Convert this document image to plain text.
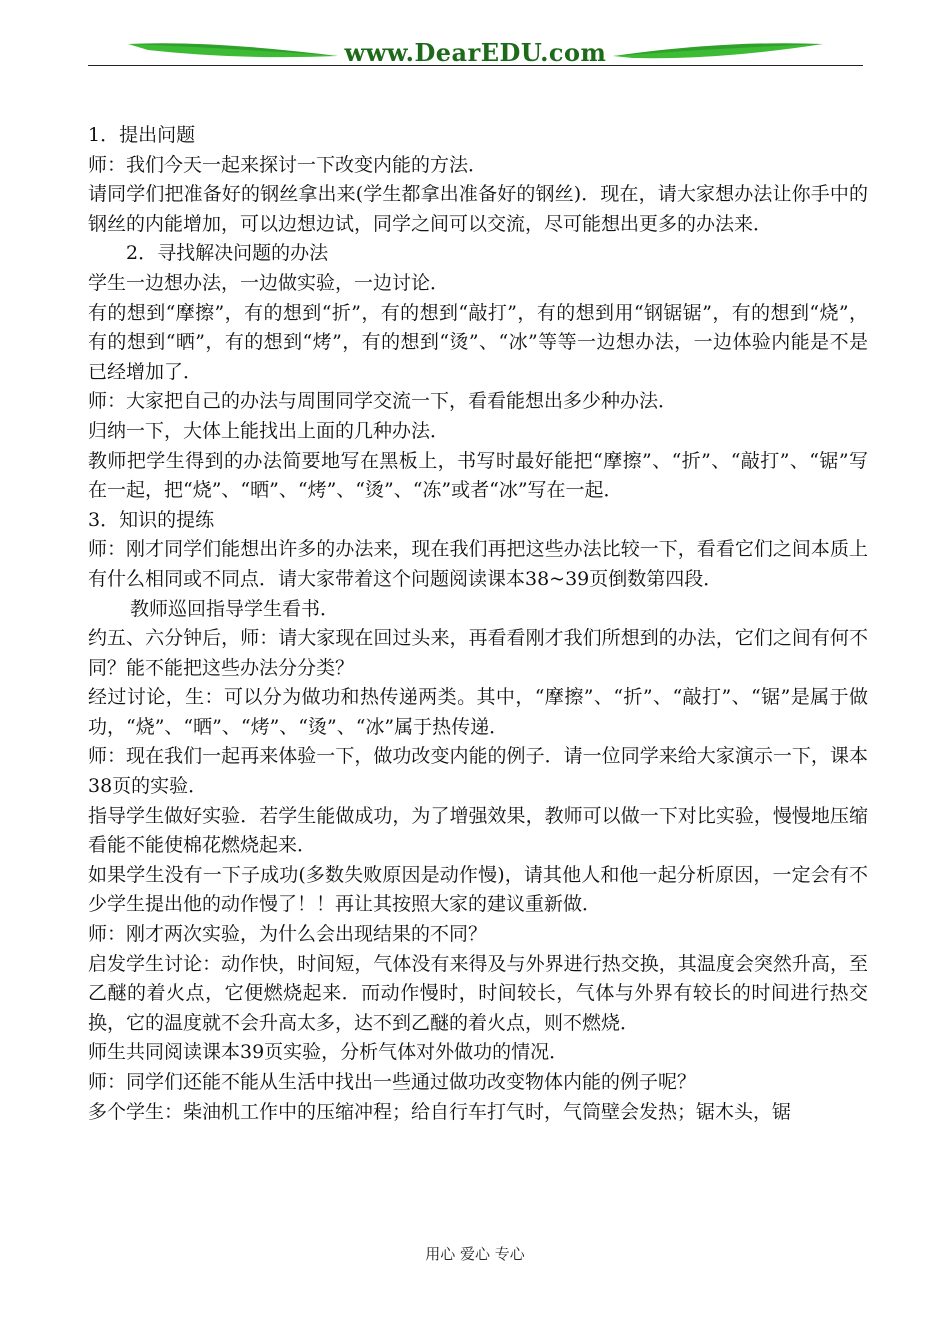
www.DearEDU.com

1．提出问题

师：我们今天一起来探讨一下改变内能的方法．

请同学们把准备好的钢丝拿出来(学生都拿出准备好的钢丝)．现在，请大家想办法让你手中的钢丝的内能增加，可以边想边试，同学之间可以交流，尽可能想出更多的办法来．

2．寻找解决问题的办法

学生一边想办法，一边做实验，一边讨论．

有的想到“摩擦”，有的想到“折”，有的想到“敲打”，有的想到用“钢锯锯”，有的想到“烧”，有的想到“晒”，有的想到“烤”，有的想到“烫”、“冰”等等一边想办法，一边体验内能是不是已经增加了．

师：大家把自己的办法与周围同学交流一下，看看能想出多少种办法．

归纳一下，大体上能找出上面的几种办法．

教师把学生得到的办法简要地写在黑板上，书写时最好能把“摩擦”、“折”、“敲打”、“锯”写在一起，把“烧”、“晒”、“烤”、“烫”、“冻”或者“冰”写在一起．

3．知识的提练

师：刚才同学们能想出许多的办法来，现在我们再把这些办法比较一下，看看它们之间本质上有什么相同或不同点．请大家带着这个问题阅读课本38~39页倒数第四段．

教师巡回指导学生看书．

约五、六分钟后，师：请大家现在回过头来，再看看刚才我们所想到的办法，它们之间有何不同？能不能把这些办法分分类？

经过讨论，生：可以分为做功和热传递两类。其中，“摩擦”、“折”、“敲打”、“锯”是属于做功，“烧”、“晒”、“烤”、“烫”、“冰”属于热传递．

师：现在我们一起再来体验一下，做功改变内能的例子．请一位同学来给大家演示一下，课本38页的实验．

指导学生做好实验．若学生能做成功，为了增强效果，教师可以做一下对比实验，慢慢地压缩看能不能使棉花燃烧起来．

如果学生没有一下子成功(多数失败原因是动作慢)，请其他人和他一起分析原因，一定会有不少学生提出他的动作慢了！！再让其按照大家的建议重新做．

师：刚才两次实验，为什么会出现结果的不同？

启发学生讨论：动作快，时间短，气体没有来得及与外界进行热交换，其温度会突然升高，至乙醚的着火点，它便燃烧起来．而动作慢时，时间较长，气体与外界有较长的时间进行热交换，它的温度就不会升高太多，达不到乙醚的着火点，则不燃烧．

师生共同阅读课本39页实验，分析气体对外做功的情况．

师：同学们还能不能从生活中找出一些通过做功改变物体内能的例子呢？

多个学生：柴油机工作中的压缩冲程；给自行车打气时，气筒壁会发热；锯木头，锯

用心 爱心 专心
